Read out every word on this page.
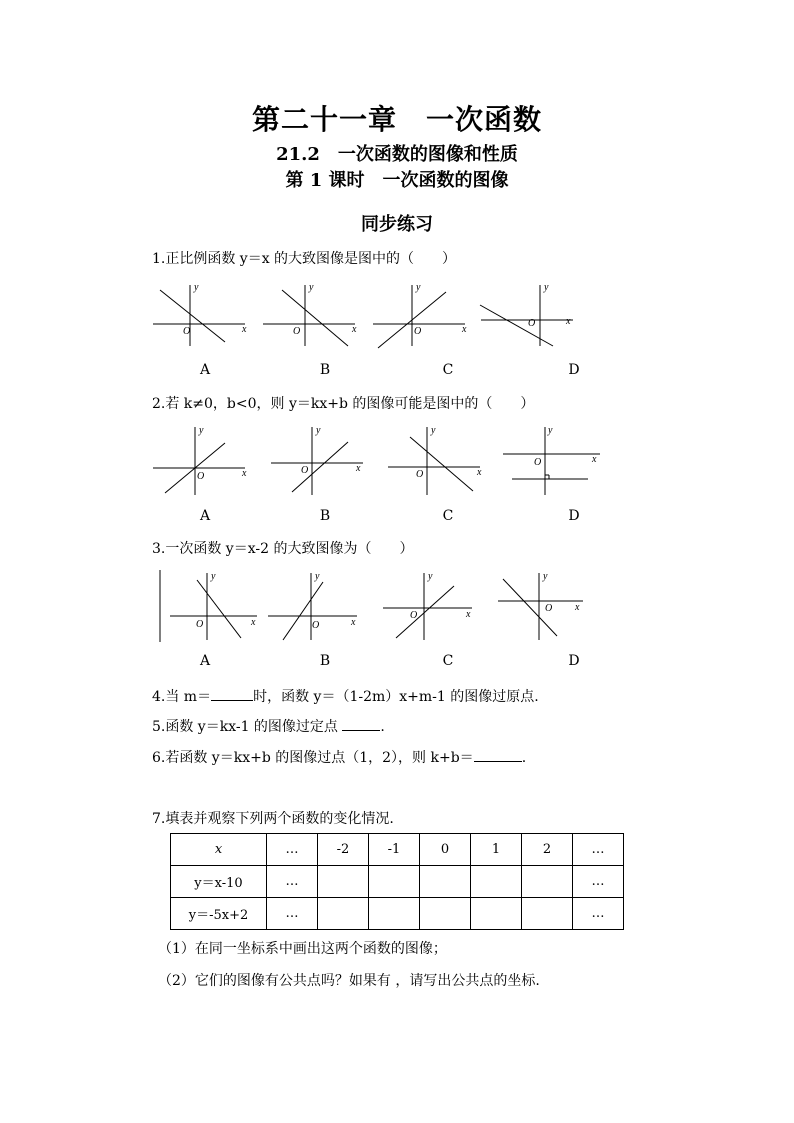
第二十一章　一次函数
21.2　一次函数的图像和性质
第 1 课时　一次函数的图像
同步练习
1.正比例函数 y＝x 的大致图像是图中的（　　）
y
x
O
y
x
O
y
x
O
y
x
O
A	B	C	D
2.若 k≠0，b<0，则 y＝kx+b 的图像可能是图中的（　　）
y
x
O
y
x
O
y
x
O
y
x
O
A	B	C	D
3.一次函数 y＝x-2 的大致图像为（　　）
y
x
O
y
x
O
y
x
O
y
x
O
A	B	C	D
4.当 m＝	时，函数 y＝（1-2m）x+m-1 的图像过原点.
5.函数 y＝kx-1 的图像过定点	.
6.若函数 y＝kx+b 的图像过点（1，2），则 k+b＝	.
7.填表并观察下列两个函数的变化情况.
x	…	-2	-1	0	1	2	…
y＝x-10	…						…
y＝-5x+2	…						…
（1）在同一坐标系中画出这两个函数的图像；
（2）它们的图像有公共点吗？如果有 ，请写出公共点的坐标.
